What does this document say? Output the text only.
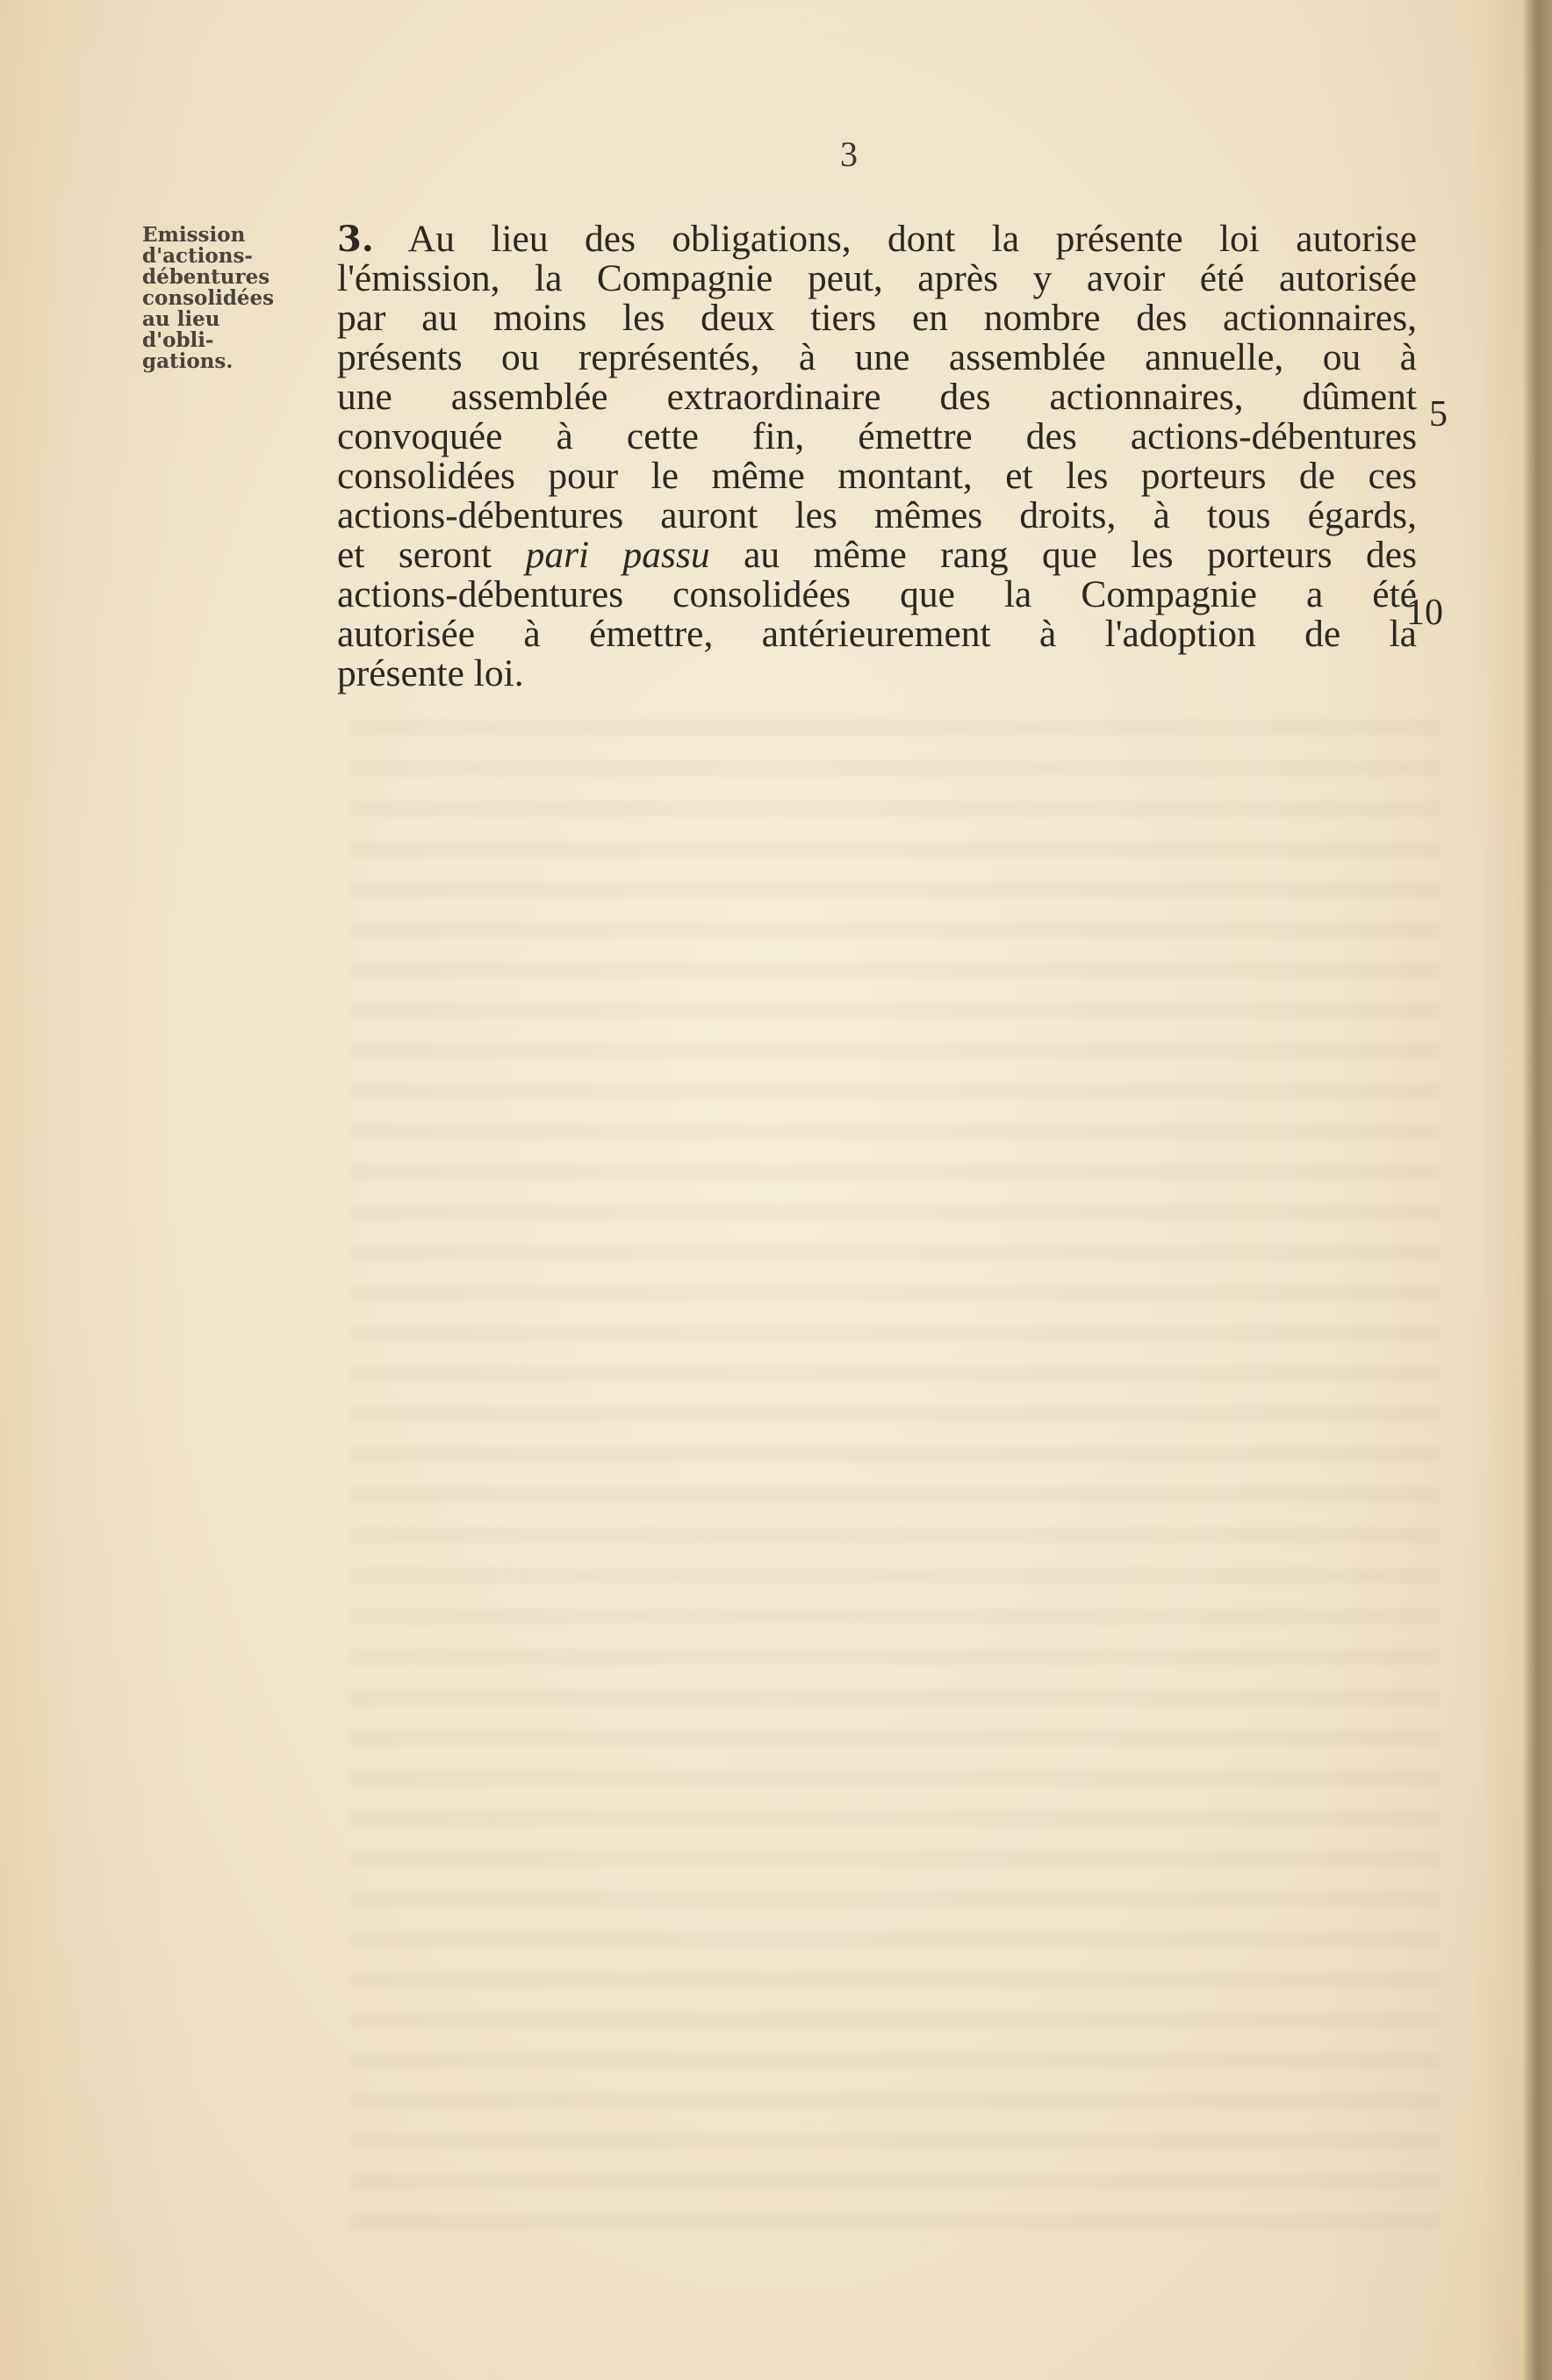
3
Emission
d'actions-
débentures
consolidées
au lieu
d'obli-
gations.
3. Au lieu des obligations, dont la présente loi autorise
l'émission, la Compagnie peut, après y avoir été autorisée
par au moins les deux tiers en nombre des actionnaires,
présents ou représentés, à une assemblée annuelle, ou à
une assemblée extraordinaire des actionnaires, dûment
convoquée à cette fin, émettre des actions-débentures
consolidées pour le même montant, et les porteurs de ces
actions-débentures auront les mêmes droits, à tous égards,
et seront pari passu au même rang que les porteurs des
actions-débentures consolidées que la Compagnie a été
autorisée à émettre, antérieurement à l'adoption de la
présente loi.
5
10
